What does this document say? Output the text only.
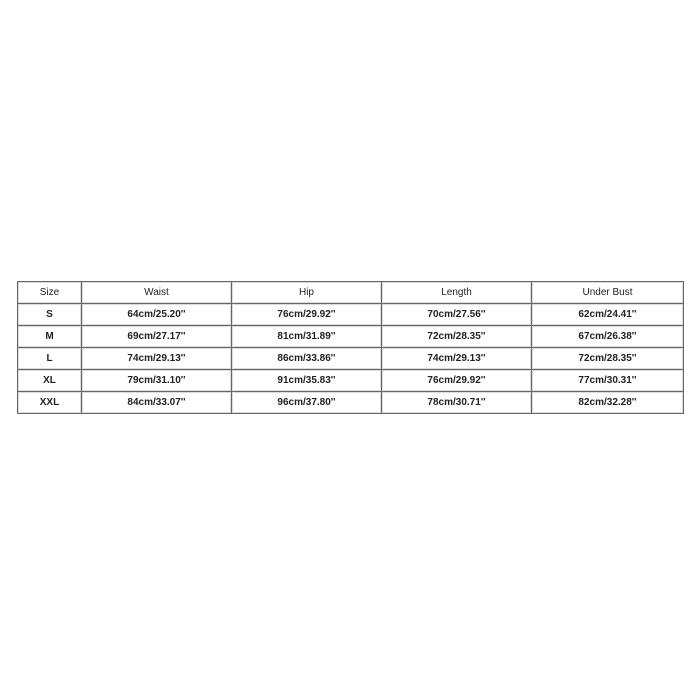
Size	Waist	Hip	Length	Under Bust
S	64cm/25.20''	76cm/29.92''	70cm/27.56''	62cm/24.41''
M	69cm/27.17''	81cm/31.89''	72cm/28.35''	67cm/26.38''
L	74cm/29.13''	86cm/33.86''	74cm/29.13''	72cm/28.35''
XL	79cm/31.10''	91cm/35.83''	76cm/29.92''	77cm/30.31''
XXL	84cm/33.07''	96cm/37.80''	78cm/30.71''	82cm/32.28''
